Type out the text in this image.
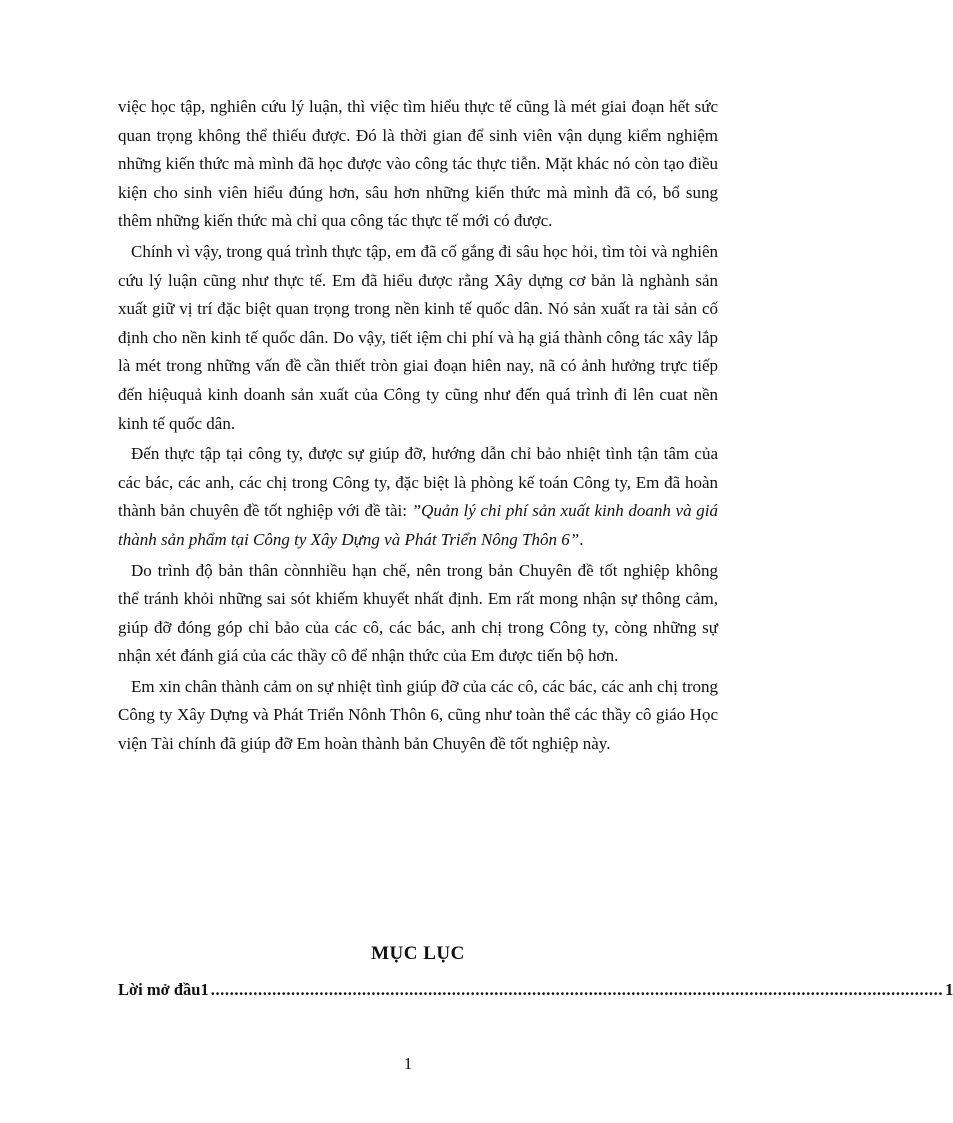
việc học tập, nghiên cứu lý luận, thì việc tìm hiểu thực tế cũng là mét giai đoạn hết sức quan trọng không thể thiếu được. Đó là thời gian để sinh viên vận dụng kiểm nghiệm những kiến thức mà mình đã học được vào công tác thực tiễn. Mặt khác nó còn tạo điều kiện cho sinh viên hiểu đúng hơn, sâu hơn những kiến thức mà mình đã có, bổ sung thêm những kiến thức mà chỉ qua công tác thực tế mới có được.

Chính vì vậy, trong quá trình thực tập, em đã cố gắng đi sâu học hỏi, tìm tòi và nghiên cứu lý luận cũng như thực tế. Em đã hiểu được rằng Xây dựng cơ bản là nghành sản xuất giữ vị trí đặc biệt quan trọng trong nền kinh tế quốc dân. Nó sản xuất ra tài sản cố định cho nền kinh tế quốc dân. Do vậy, tiết iệm chi phí và hạ giá thành công tác xây lắp là mét trong những vấn đề cần thiết tròn giai đoạn hiên nay, nã có ảnh hưởng trực tiếp đến hiệuquả kinh doanh sản xuất của Công ty cũng như đến quá trình đi lên cuat nền kinh tế quốc dân.

Đến thực tập tại công ty, được sự giúp đỡ, hướng dẫn chỉ bảo nhiệt tình tận tâm của các bác, các anh, các chị trong Công ty, đặc biệt là phòng kế toán Công ty, Em đã hoàn thành bản chuyên đề tốt nghiệp với đề tài: ”Quản lý chi phí sản xuất kinh doanh và giá thành sản phẩm tại Công ty Xây Dựng và Phát Triển Nông Thôn 6”.

Do trình độ bản thân cònnhiều hạn chế, nên trong bản Chuyên đề tốt nghiệp không thể tránh khỏi những sai sót khiếm khuyết nhất định. Em rất mong nhận sự thông cảm, giúp đỡ đóng góp chỉ bảo của các cô, các bác, anh chị trong Công ty, còng những sự nhận xét đánh giá của các thầy cô để nhận thức của Em được tiến bộ hơn.

Em xin chân thành cảm on sự nhiệt tình giúp đỡ của các cô, các bác, các anh chị trong Công ty Xây Dựng và Phát Triển Nônh Thôn 6, cũng như toàn thể các thầy cô giáo Học viện Tài chính đã giúp đỡ Em hoàn thành bản Chuyên đề tốt nghiệp này.

MỤC LỤC
Lời mở đầu1 ........................................................................................................................................................... 1
1
